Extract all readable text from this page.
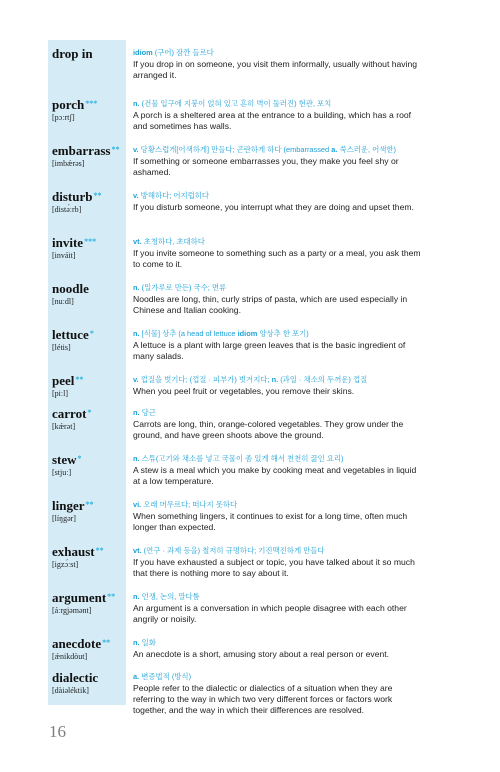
drop in	idiom (구어) 잠깐 들르다
If you drop in on someone, you visit them informally, usually without having arranged it.
porch***
[pɔːrtʃ]
n. (건물 입구에 지붕이 얹혀 있고 흔히 벽이 둘러진) 현관, 포치
A porch is a sheltered area at the entrance to a building, which has a roof and sometimes has walls.
embarrass**
[imbǽrəs]
v. 당황스럽게[어색하게] 만들다; 곤란하게 하다 (embarrassed a. 쑥스러운, 어색한)
If something or someone embarrasses you, they make you feel shy or ashamed.
disturb**
[distə́ːrb]
v. 방해하다; 어지럽히다
If you disturb someone, you interrupt what they are doing and upset them.
invite***
[inváit]
vt. 초청하다, 초대하다
If you invite someone to something such as a party or a meal, you ask them to come to it.
noodle
[nuːdl]
n. (밀가루로 만든) 국수; 면류
Noodles are long, thin, curly strips of pasta, which are used especially in Chinese and Italian cooking.
lettuce*
[létis]
n. [식물] 상추 (a head of lettuce idiom 양상추 한 포기)
A lettuce is a plant with large green leaves that is the basic ingredient of many salads.
peel**
[piːl]
v. 껍질을 벗기다; (껍질 · 피부가) 벗겨지다; n. (과일 · 채소의 두꺼운) 껍질
When you peel fruit or vegetables, you remove their skins.
carrot*
[kǽrət]
n. 당근
Carrots are long, thin, orange-colored vegetables. They grow under the ground, and have green shoots above the ground.
stew*
[stjuː]
n. 스튜(고기와 채소를 넣고 국물이 좀 있게 해서 천천히 끓인 요리)
A stew is a meal which you make by cooking meat and vegetables in liquid at a low temperature.
linger**
[líŋgər]
vi. 오래 머무르다; 떠나지 못하다
When something lingers, it continues to exist for a long time, often much longer than expected.
exhaust**
[igzɔ́ːst]
vt. (연구 · 과제 등을) 철저히 규명하다; 기진맥진하게 만들다
If you have exhausted a subject or topic, you have talked about it so much that there is nothing more to say about it.
argument**
[áːrgjəmənt]
n. 언쟁, 논의, 말다툼
An argument is a conversation in which people disagree with each other angrily or noisily.
anecdote**
[ǽnikdòut]
n. 일화
An anecdote is a short, amusing story about a real person or event.
dialectic
[dàiəléktik]
a. 변증법적 (방식)
People refer to the dialectic or dialectics of a situation when they are referring to the way in which two very different forces or factors work together, and the way in which their differences are resolved.
16
